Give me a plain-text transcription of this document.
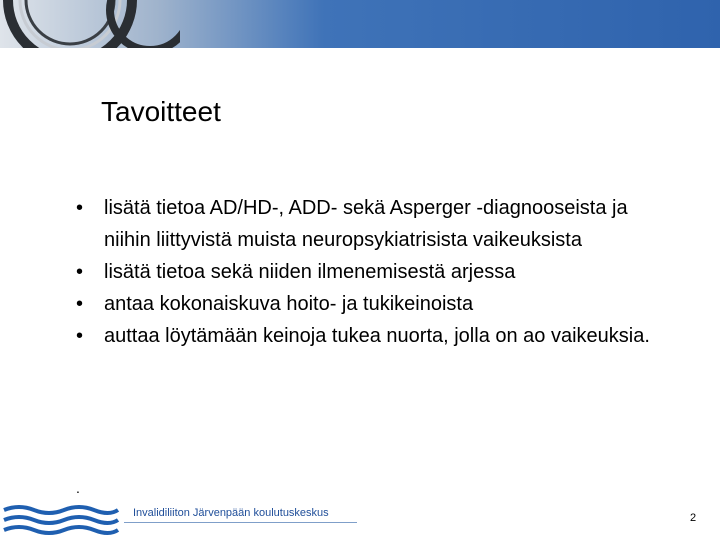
Tavoitteet
•	lisätä tietoa AD/HD-, ADD- sekä Asperger -diagnooseista ja niihin liittyvistä muista neuropsykiatrisista vaikeuksista
•	lisätä tietoa sekä niiden ilmenemisestä arjessa
•	antaa kokonaiskuva hoito- ja tukikeinoista
•	auttaa löytämään keinoja tukea nuorta, jolla on ao vaikeuksia.
.
Invalidiliiton Järvenpään koulutuskeskus	2
